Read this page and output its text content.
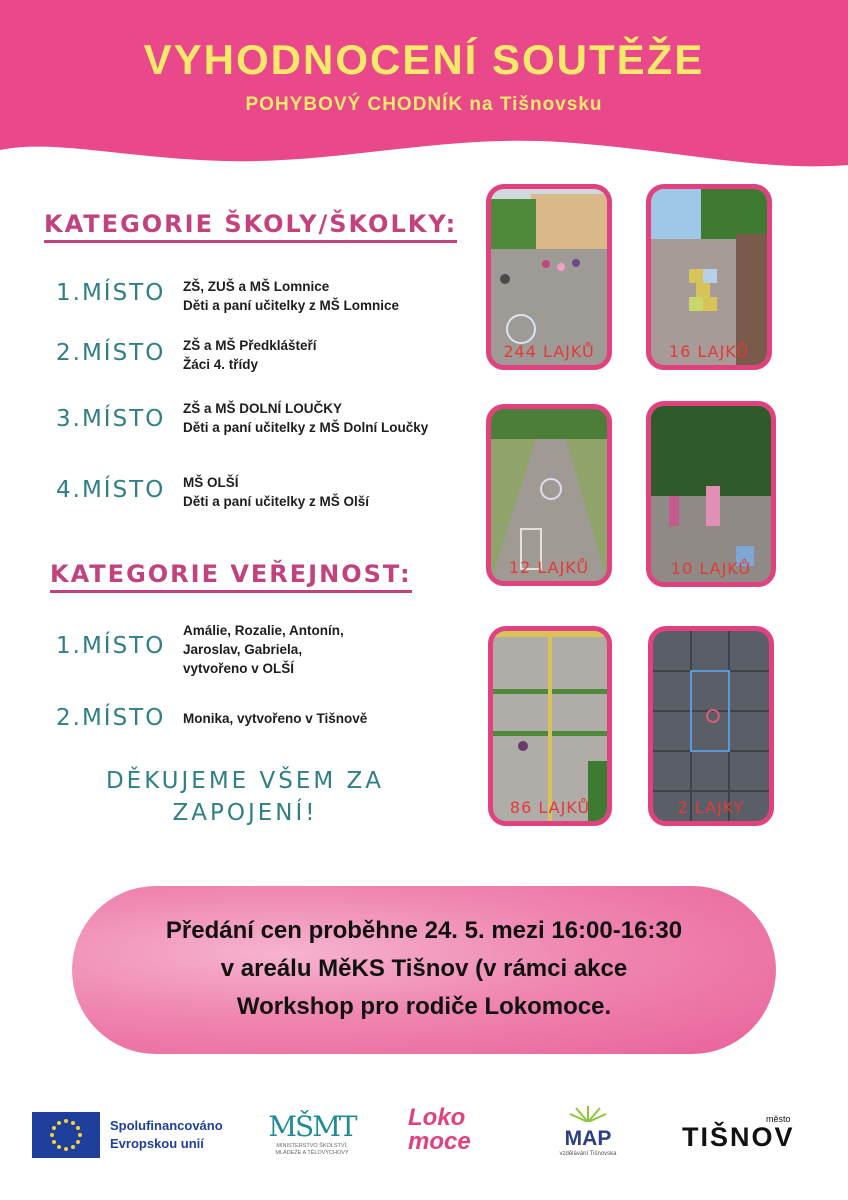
VYHODNOCENÍ SOUTĚŽE
POHYBOVÝ CHODNÍK na Tišnovsku
KATEGORIE ŠKOLY/ŠKOLKY:
1.MÍSTO ZŠ, ZUŠ a MŠ Lomnice
Děti a paní učitelky z MŠ Lomnice
2.MÍSTO ZŠ a MŠ Předklášteří
Žáci 4. třídy
3.MÍSTO ZŠ a MŠ DOLNÍ LOUČKY
Děti a paní učitelky z MŠ Dolní Loučky
4.MÍSTO MŠ OLŠÍ
Děti a paní učitelky z MŠ Olší
KATEGORIE VEŘEJNOST:
1.MÍSTO
Amálie, Rozalie, Antonín,
Jaroslav, Gabriela,
vytvořeno v OLŠÍ
2.MÍSTO Monika, vytvořeno v Tišnově
DĚKUJEME VŠEM ZA
ZAPOJENÍ!
244 LAJKŮ	16 LAJKŮ
12 LAJKŮ	10 LAJKŮ
86 LAJKŮ	2 LAJKY
Předání cen proběhne 24. 5. mezi 16:00-16:30
v areálu MěKS Tišnov (v rámci akce
Workshop pro rodiče Lokomoce.
Spolufinancováno
Evropskou unií
MŠMT
MINISTERSTVO ŠKOLSTVÍ,
MLÁDEŽE A TĚLOVÝCHOVY
Loko
moce	MAP
vzdělávání Tišnovska
město
TIŠNOV
